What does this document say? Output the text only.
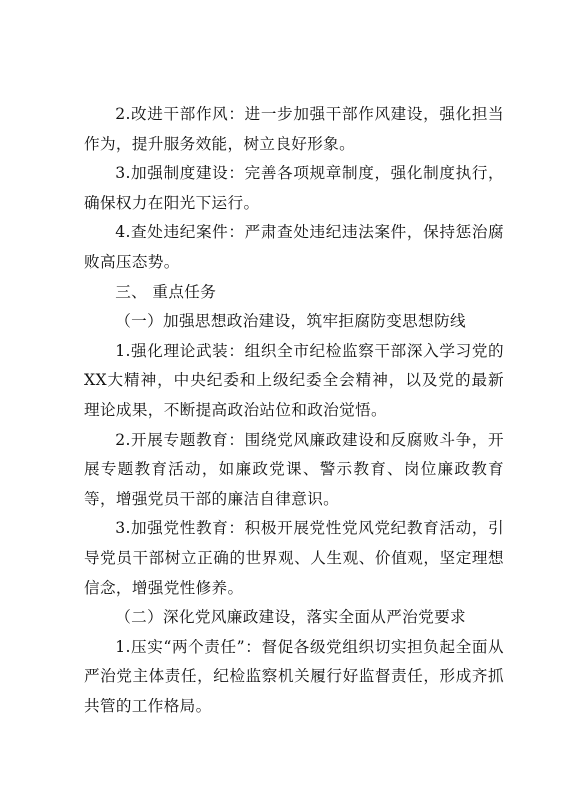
2.改进干部作风：进一步加强干部作风建设，强化担当作为，提升服务效能，树立良好形象。

3.加强制度建设：完善各项规章制度，强化制度执行，确保权力在阳光下运行。

4.查处违纪案件：严肃查处违纪违法案件，保持惩治腐败高压态势。

三、 重点任务

（一）加强思想政治建设，筑牢拒腐防变思想防线

1.强化理论武装：组织全市纪检监察干部深入学习党的XX大精神，中央纪委和上级纪委全会精神，以及党的最新理论成果，不断提高政治站位和政治觉悟。

2.开展专题教育：围绕党风廉政建设和反腐败斗争，开展专题教育活动，如廉政党课、警示教育、岗位廉政教育等，增强党员干部的廉洁自律意识。

3.加强党性教育：积极开展党性党风党纪教育活动，引导党员干部树立正确的世界观、人生观、价值观，坚定理想信念，增强党性修养。

（二）深化党风廉政建设，落实全面从严治党要求

1.压实“两个责任”：督促各级党组织切实担负起全面从严治党主体责任，纪检监察机关履行好监督责任，形成齐抓共管的工作格局。
